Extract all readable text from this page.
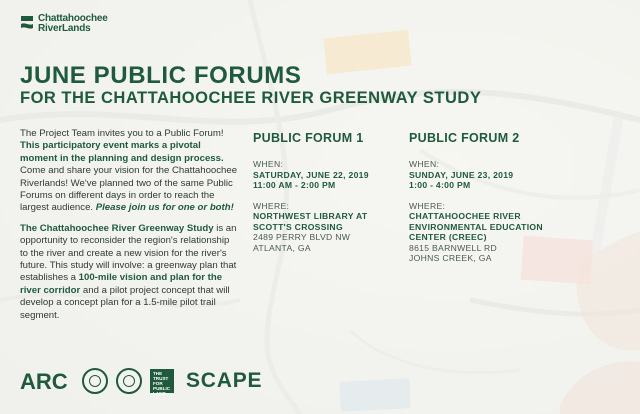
Chattahoochee
RiverLands
JUNE PUBLIC FORUMS
FOR THE CHATTAHOOCHEE RIVER GREENWAY STUDY

The Project Team invites you to a Public Forum! This participatory event marks a pivotal moment in the planning and design process. Come and share your vision for the Chattahoochee Riverlands! We've planned two of the same Public Forums on different days in order to reach the largest audience. Please join us for one or both!

The Chattahoochee River Greenway Study is an opportunity to reconsider the region's relationship to the river and create a new vision for the river's future. This study will involve: a greenway plan that establishes a 100-mile vision and plan for the river corridor and a pilot project concept that will develop a concept plan for a 1.5-mile pilot trail segment.

PUBLIC FORUM 1
WHEN:
SATURDAY, JUNE 22, 2019
11:00 AM - 2:00 PM
WHERE:
NORTHWEST LIBRARY AT
SCOTT'S CROSSING
2489 PERRY BLVD NW
ATLANTA, GA
PUBLIC FORUM 2
WHEN:
SUNDAY, JUNE 23, 2019
1:00 - 4:00 PM
WHERE:
CHATTAHOOCHEE RIVER
ENVIRONMENTAL EDUCATION
CENTER (CREEC)
8615 BARNWELL RD
JOHNS CREEK, GA
ARC	THE
TRUST
FOR
PUBLIC
LAND
SCAPE
